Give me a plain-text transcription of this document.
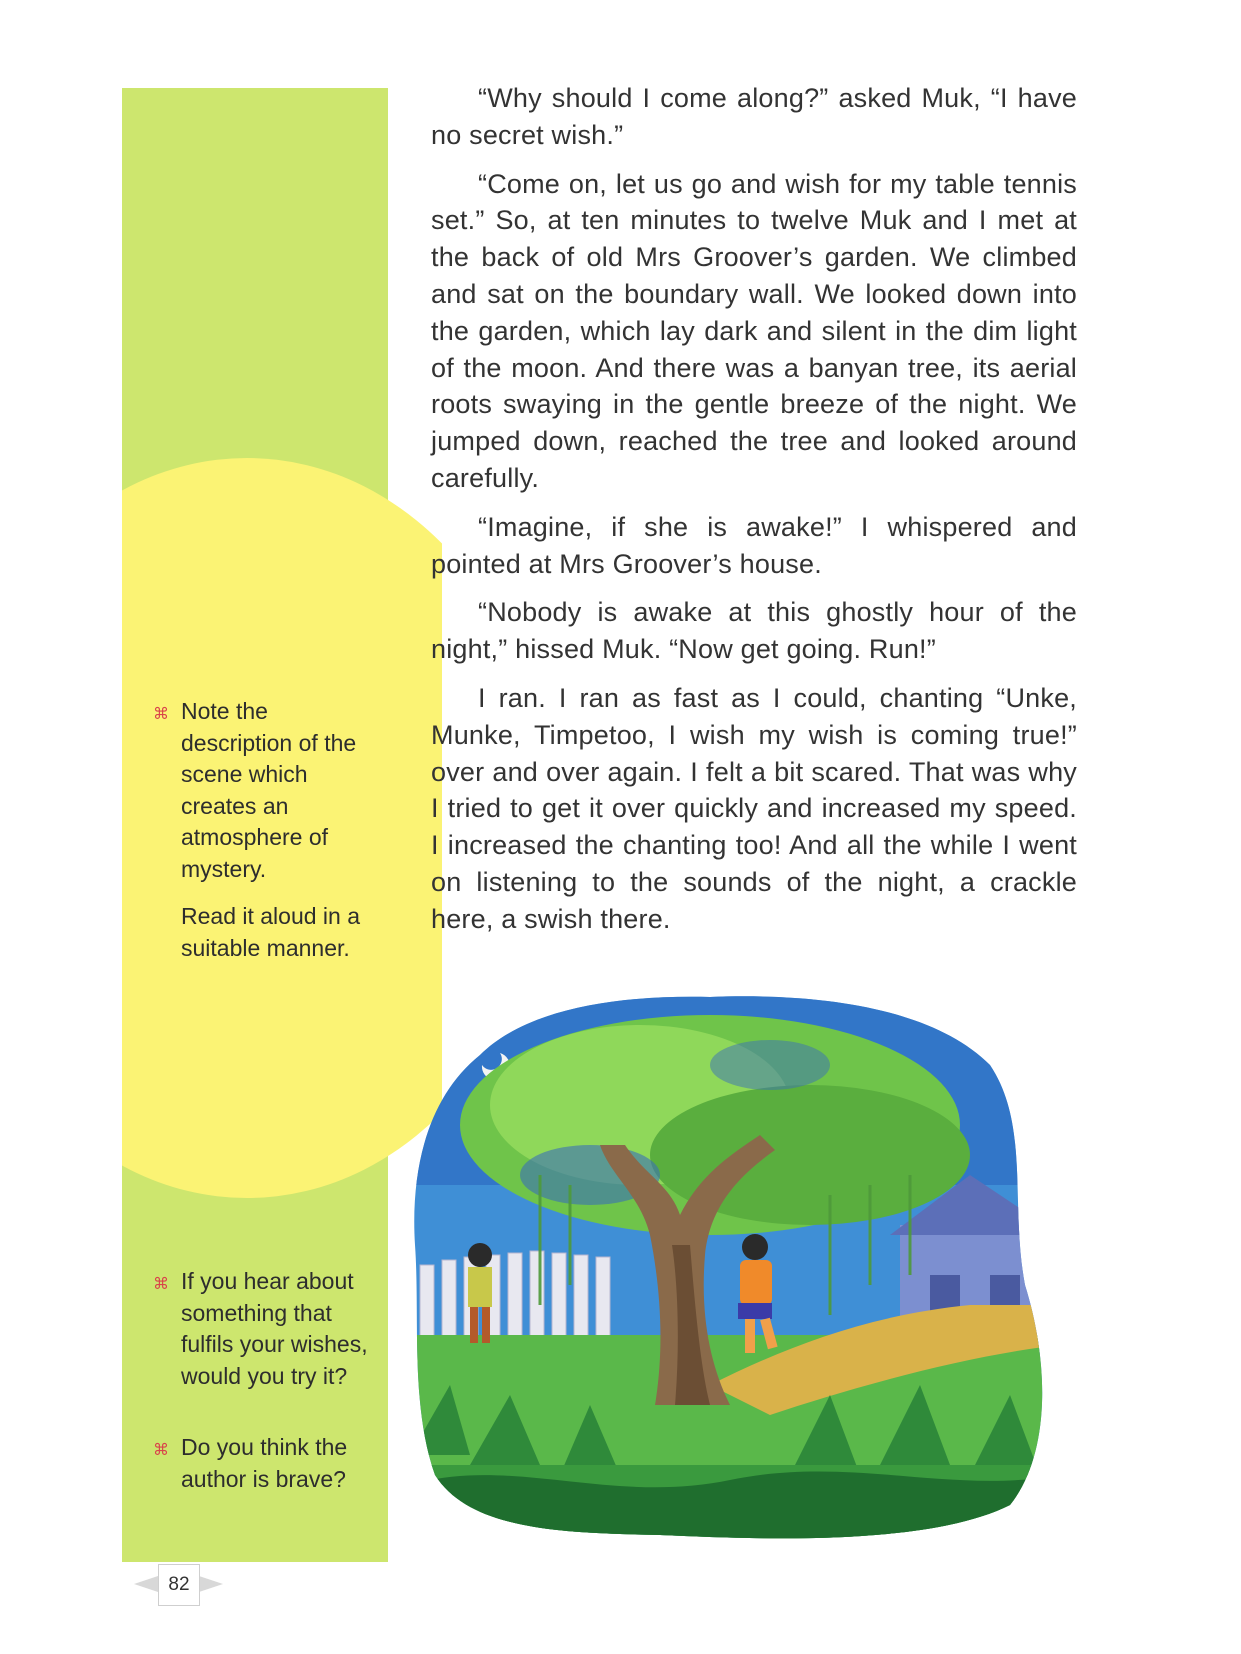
⌘ Note the description of the scene which creates an atmosphere of mystery.

Read it aloud in a suitable manner.

⌘ If you hear about something that fulfils your wishes, would you try it?

⌘ Do you think the author is brave?

“Why should I come along?” asked Muk, “I have no secret wish.”

“Come on, let us go and wish for my table tennis set.” So, at ten minutes to twelve Muk and I met at the back of old Mrs Groover’s garden. We climbed and sat on the boundary wall. We looked down into the garden, which lay dark and silent in the dim light of the moon. And there was a banyan tree, its aerial roots swaying in the gentle breeze of the night. We jumped down, reached the tree and looked around carefully.

“Imagine, if she is awake!” I whispered and pointed at Mrs Groover’s house.

“Nobody is awake at this ghostly hour of the night,” hissed Muk. “Now get going. Run!”

I ran. I ran as fast as I could, chanting “Unke, Munke, Timpetoo, I wish my wish is coming true!” over and over again. I felt a bit scared. That was why I tried to get it over quickly and increased my speed. I increased the chanting too! And all the while I went on listening to the sounds of the night, a crackle here, a swish there.

82
